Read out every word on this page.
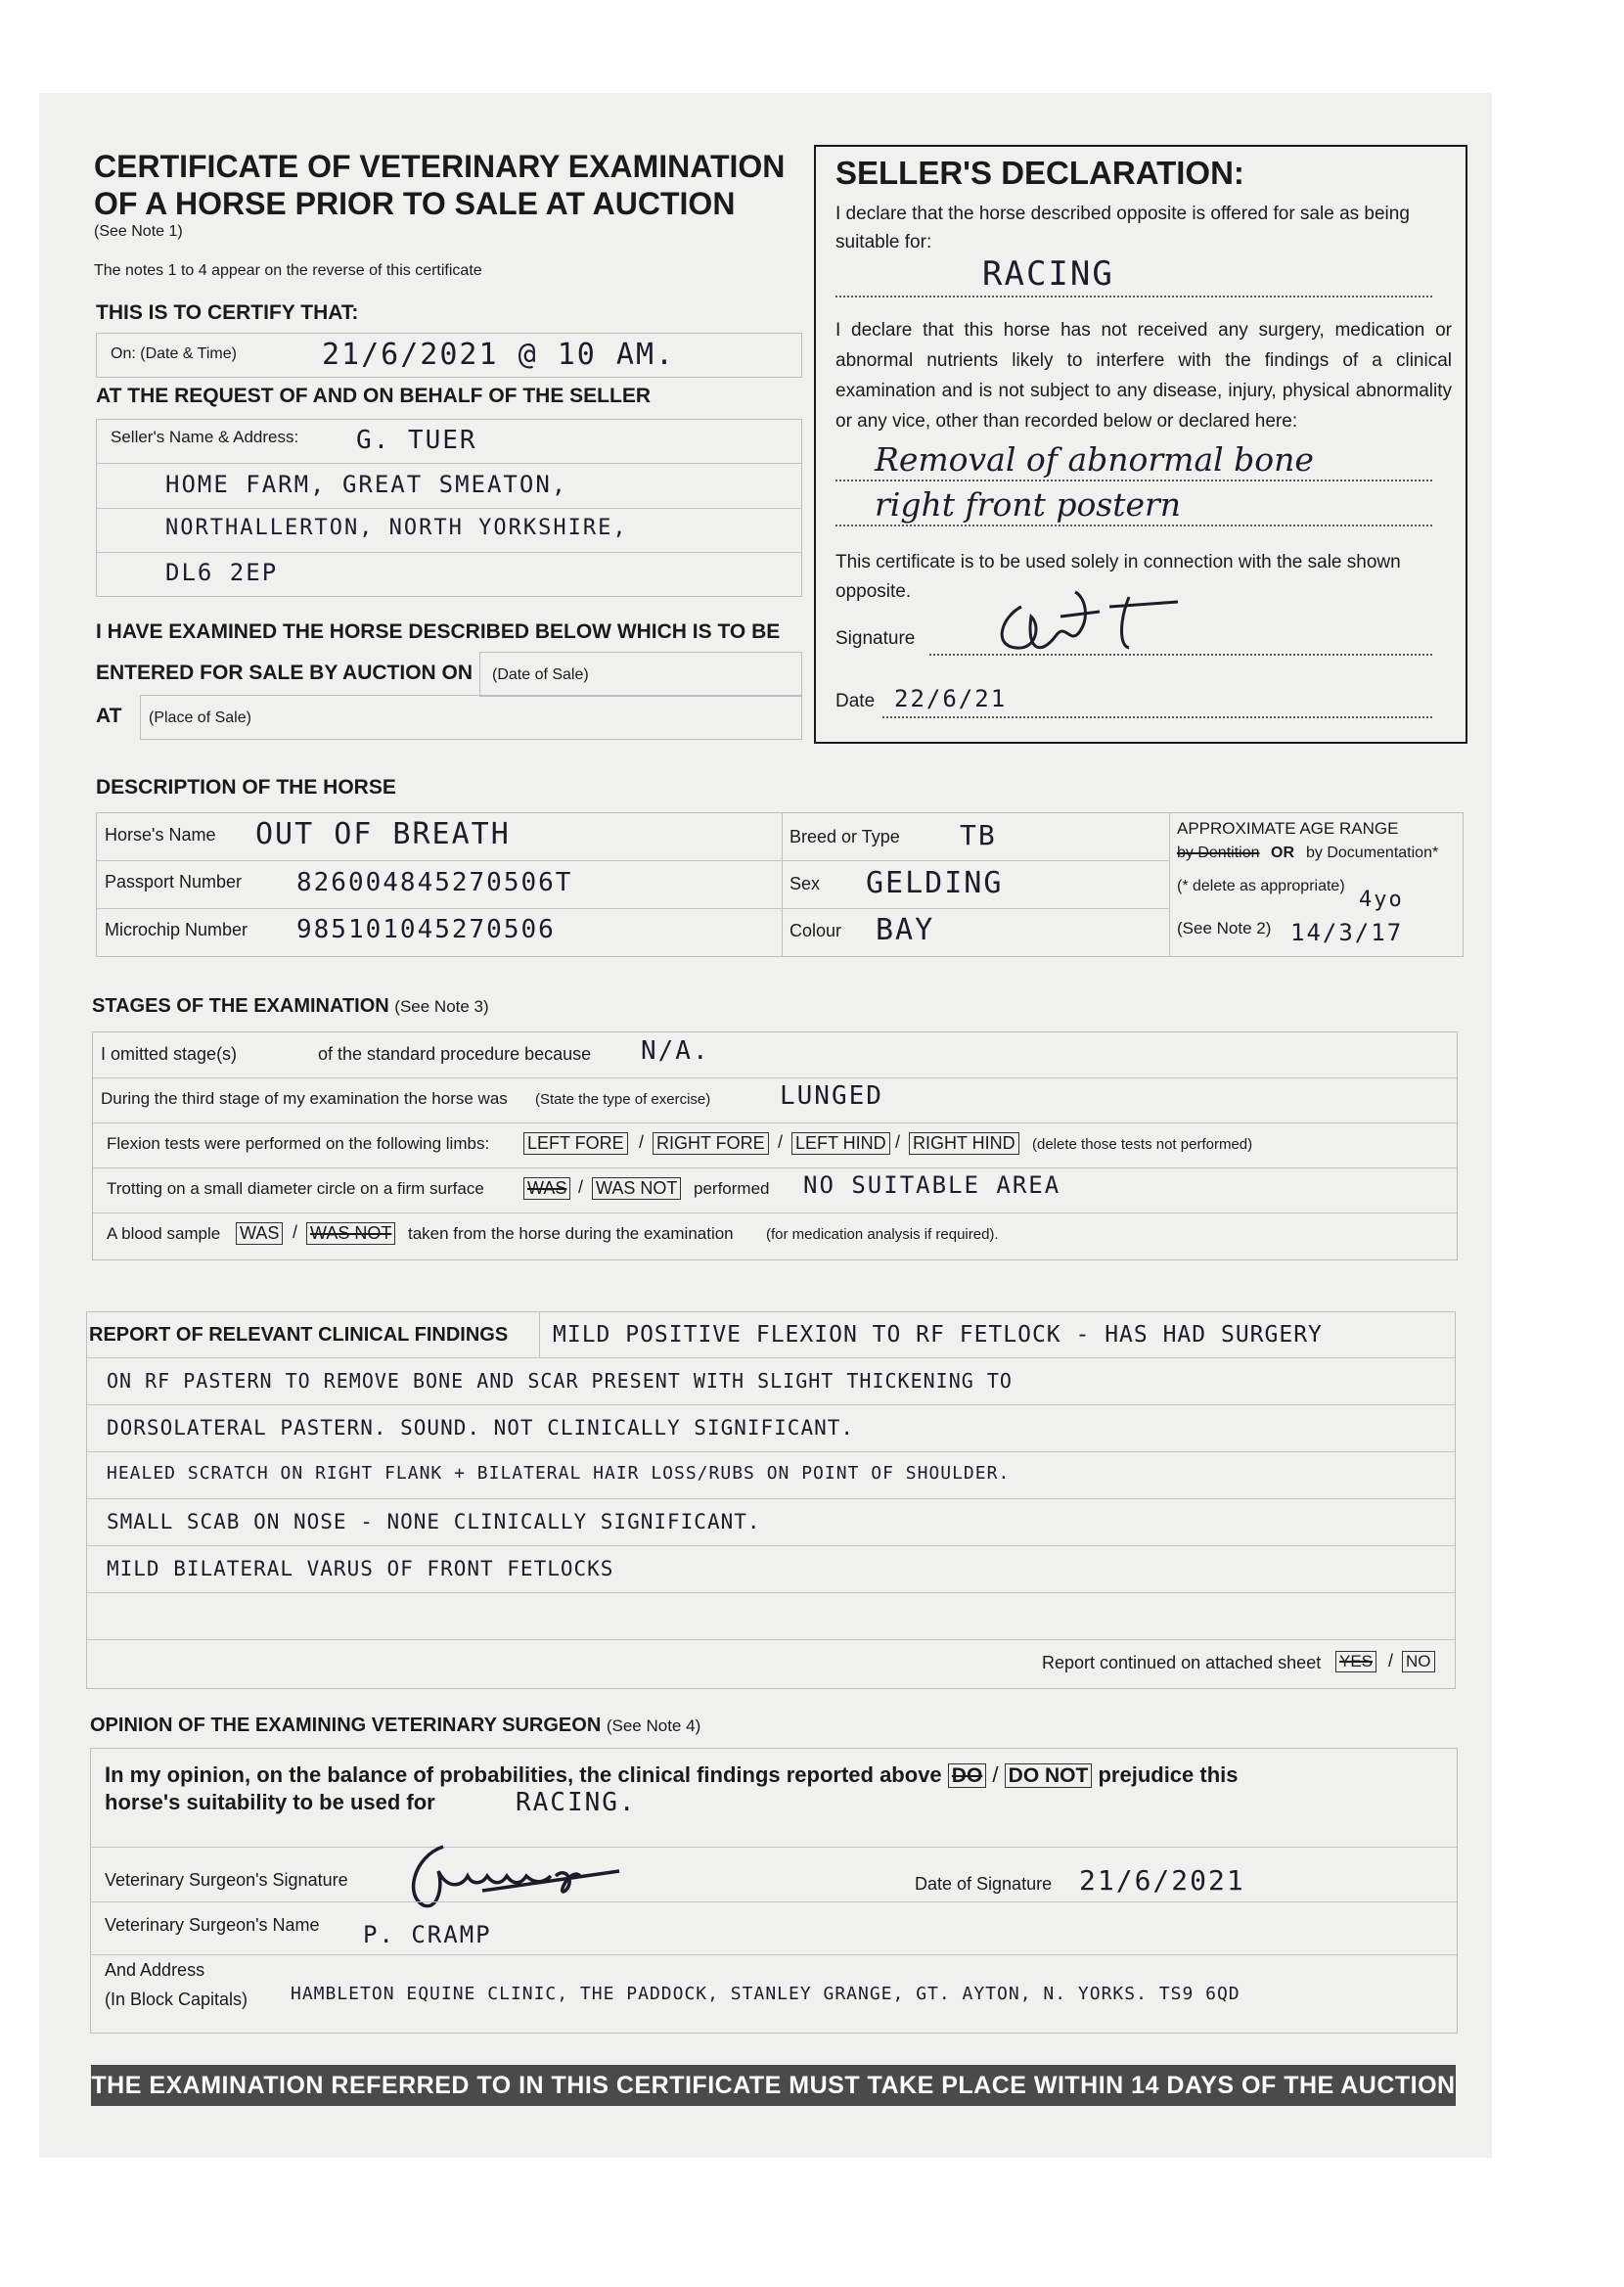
CERTIFICATE OF VETERINARY EXAMINATION
OF A HORSE PRIOR TO SALE AT AUCTION
(See Note 1)
The notes 1 to 4 appear on the reverse of this certificate
THIS IS TO CERTIFY THAT:
On: (Date & Time)	21/6/2021 @ 10 AM.
AT THE REQUEST OF AND ON BEHALF OF THE SELLER
Seller's Name & Address: G. TUER
HOME FARM, GREAT SMEATON,
NORTHALLERTON, NORTH YORKSHIRE,
DL6 2EP
I HAVE EXAMINED THE HORSE DESCRIBED BELOW WHICH IS TO BE
ENTERED FOR SALE BY AUCTION ON (Date of Sale)
AT (Place of Sale)
SELLER'S DECLARATION:
I declare that the horse described opposite is offered for sale as being suitable for:
RACING
I declare that this horse has not received any surgery, medication or abnormal nutrients likely to interfere with the findings of a clinical examination and is not subject to any disease, injury, physical abnormality or any vice, other than recorded below or declared here:
Removal of abnormal bone
right front postern
This certificate is to be used solely in connection with the sale shown opposite.
Signature
Date 22/6/21
DESCRIPTION OF THE HORSE
Horse's Name OUT OF BREATH
Passport Number 826004845270506T
Microchip Number 985101045270506
Breed or Type TB
Sex GELDING
Colour BAY
APPROXIMATE AGE RANGE
by Dentition OR by Documentation*
(* delete as appropriate)
4yo
(See Note 2) 14/3/17
STAGES OF THE EXAMINATION (See Note 3)
I omitted stage(s)	of the standard procedure because N/A.
During the third stage of my examination the horse was (State the type of exercise)	LUNGED
Flexion tests were performed on the following limbs: LEFT FORE / RIGHT FORE / LEFT HIND / RIGHT HIND (delete those tests not performed)
Trotting on a small diameter circle on a firm surface WAS / WAS NOT performed NO SUITABLE AREA
A blood sample WAS / WAS NOT taken from the horse during the examination (for medication analysis if required).
REPORT OF RELEVANT CLINICAL FINDINGS MILD POSITIVE FLEXION TO RF FETLOCK - HAS HAD SURGERY
ON RF PASTERN TO REMOVE BONE AND SCAR PRESENT WITH SLIGHT THICKENING TO
DORSOLATERAL PASTERN. SOUND. NOT CLINICALLY SIGNIFICANT.
HEALED SCRATCH ON RIGHT FLANK + BILATERAL HAIR LOSS/RUBS ON POINT OF SHOULDER.
SMALL SCAB ON NOSE - NONE CLINICALLY SIGNIFICANT.
MILD BILATERAL VARUS OF FRONT FETLOCKS
Report continued on attached sheet YES / NO
OPINION OF THE EXAMINING VETERINARY SURGEON (See Note 4)
In my opinion, on the balance of probabilities, the clinical findings reported above DO / DO NOT prejudice this
horse's suitability to be used for	RACING.
Veterinary Surgeon's Signature	Date of Signature 21/6/2021
Veterinary Surgeon's Name P. CRAMP
And Address
(In Block Capitals) HAMBLETON EQUINE CLINIC, THE PADDOCK, STANLEY GRANGE, GT. AYTON, N. YORKS. TS9 6QD
THE EXAMINATION REFERRED TO IN THIS CERTIFICATE MUST TAKE PLACE WITHIN 14 DAYS OF THE AUCTION
